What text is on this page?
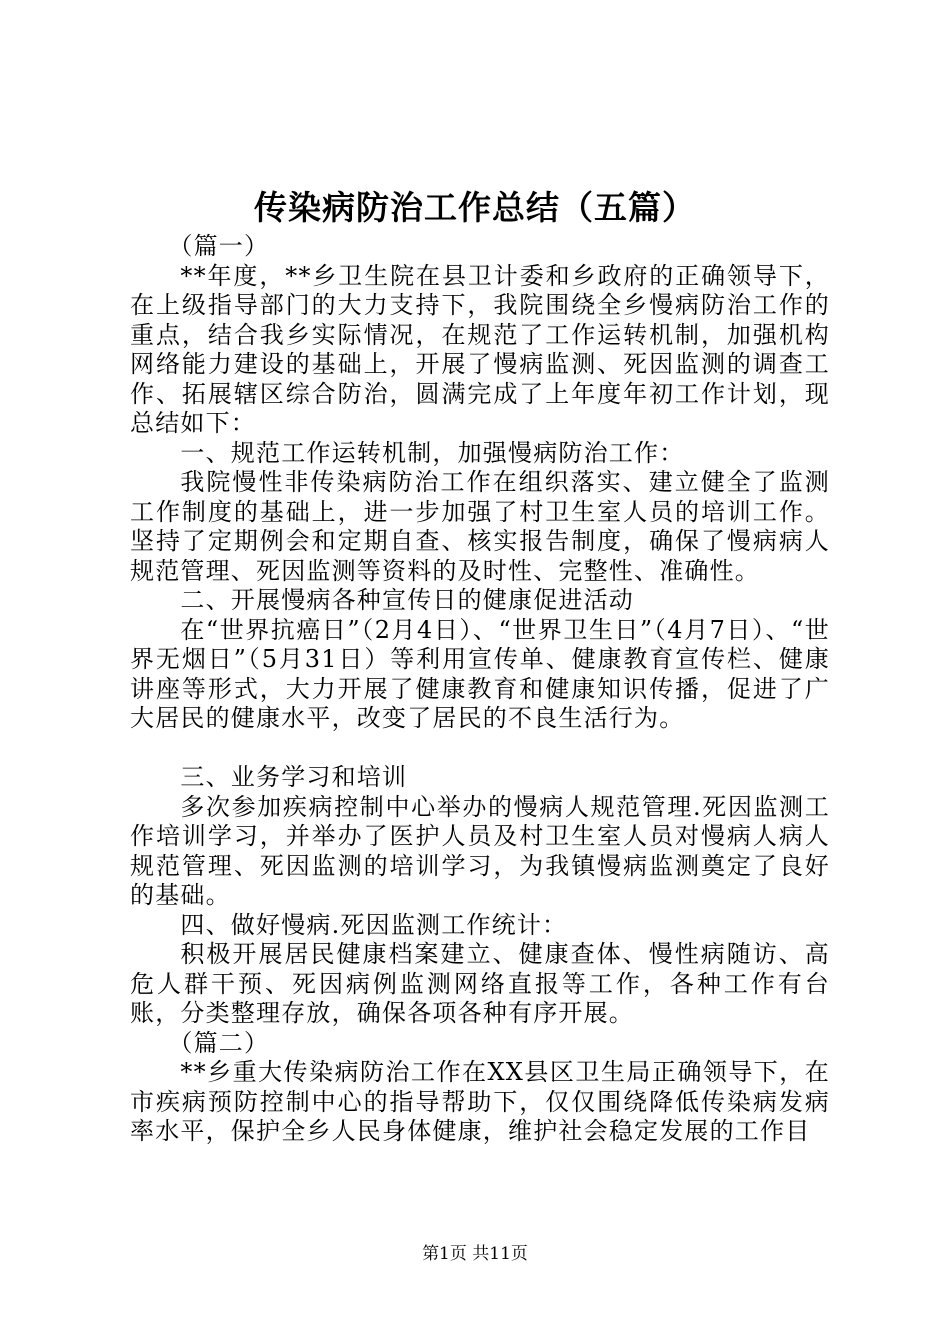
传染病防治工作总结（五篇）

（篇一）

**年度，**乡卫生院在县卫计委和乡政府的正确领导下，在上级指导部门的大力支持下，我院围绕全乡慢病防治工作的重点，结合我乡实际情况，在规范了工作运转机制，加强机构网络能力建设的基础上，开展了慢病监测、死因监测的调查工作、拓展辖区综合防治，圆满完成了上年度年初工作计划，现总结如下：

一、规范工作运转机制，加强慢病防治工作：

我院慢性非传染病防治工作在组织落实、建立健全了监测工作制度的基础上，进一步加强了村卫生室人员的培训工作。坚持了定期例会和定期自查、核实报告制度，确保了慢病病人规范管理、死因监测等资料的及时性、完整性、准确性。

二、开展慢病各种宣传日的健康促进活动

在“世界抗癌日”（2月4日）、“世界卫生日”（4月7日）、“世界无烟日”（5月31日）等利用宣传单、健康教育宣传栏、健康讲座等形式，大力开展了健康教育和健康知识传播，促进了广大居民的健康水平，改变了居民的不良生活行为。

三、业务学习和培训

多次参加疾病控制中心举办的慢病人规范管理.死因监测工作培训学习，并举办了医护人员及村卫生室人员对慢病人病人规范管理、死因监测的培训学习，为我镇慢病监测奠定了良好的基础。

四、做好慢病.死因监测工作统计：

积极开展居民健康档案建立、健康查体、慢性病随访、高危人群干预、死因病例监测网络直报等工作，各种工作有台账，分类整理存放，确保各项各种有序开展。

（篇二）

**乡重大传染病防治工作在XX县区卫生局正确领导下，在市疾病预防控制中心的指导帮助下，仅仅围绕降低传染病发病率水平，保护全乡人民身体健康，维护社会稳定发展的工作目

第1页 共11页
